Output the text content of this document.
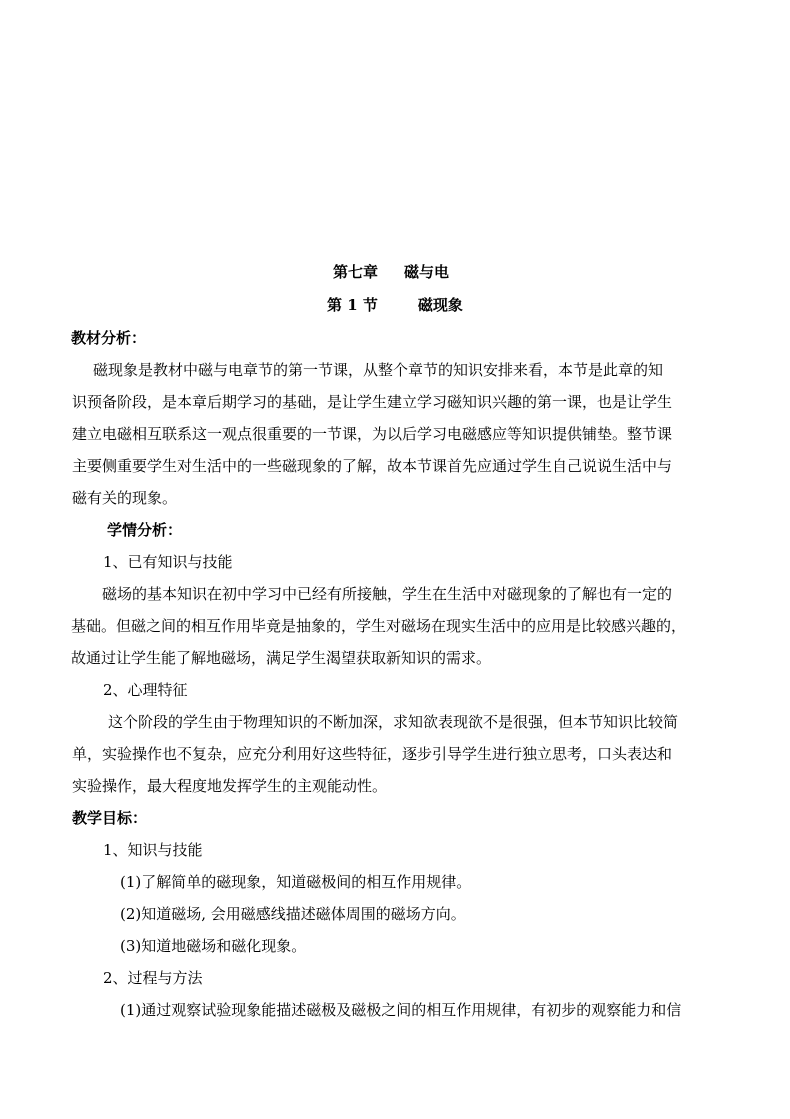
第七章 磁与电
第 1 节	磁现象
教材分析：
磁现象是教材中磁与电章节的第一节课，从整个章节的知识安排来看，本节是此章的知
识预备阶段，是本章后期学习的基础，是让学生建立学习磁知识兴趣的第一课，也是让学生
建立电磁相互联系这一观点很重要的一节课，为以后学习电磁感应等知识提供铺垫。整节课
主要侧重要学生对生活中的一些磁现象的了解，故本节课首先应通过学生自己说说生活中与
磁有关的现象。
学情分析：
1、已有知识与技能
磁场的基本知识在初中学习中已经有所接触，学生在生活中对磁现象的了解也有一定的
基础。但磁之间的相互作用毕竟是抽象的，学生对磁场在现实生活中的应用是比较感兴趣的，
故通过让学生能了解地磁场，满足学生渴望获取新知识的需求。
2、心理特征
这个阶段的学生由于物理知识的不断加深，求知欲表现欲不是很强，但本节知识比较简
单，实验操作也不复杂，应充分利用好这些特征，逐步引导学生进行独立思考，口头表达和
实验操作，最大程度地发挥学生的主观能动性。
教学目标：
1、知识与技能
(1)了解简单的磁现象，知道磁极间的相互作用规律。
(2)知道磁场, 会用磁感线描述磁体周围的磁场方向。
(3)知道地磁场和磁化现象。
2、过程与方法
(1)通过观察试验现象能描述磁极及磁极之间的相互作用规律，有初步的观察能力和信
